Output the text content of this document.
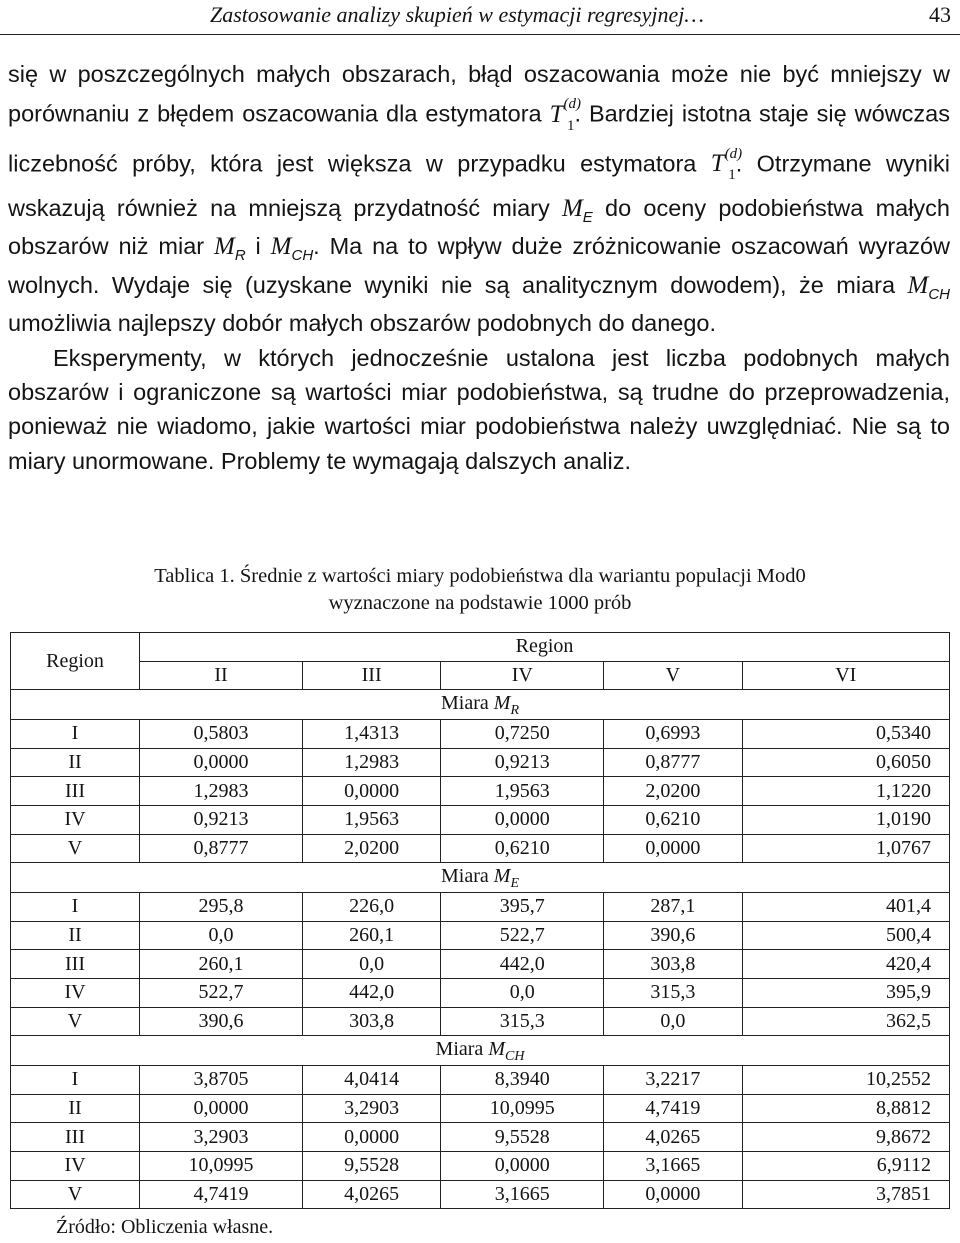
Zastosowanie analizy skupień w estymacji regresyjnej…	43

się w poszczególnych małych obszarach, błąd oszacowania może nie być mniejszy w porównaniu z błędem oszacowania dla estymatora $T^{(d)}_1$. Bardziej istotna staje się wówczas liczebność próby, która jest większa w przypadku estymatora $T^{(d)}_1$. Otrzymane wyniki wskazują również na mniejszą przydatność miary $M_E$ do oceny podobieństwa małych obszarów niż miar $M_R$ i $M_{CH}$. Ma na to wpływ duże zróżnicowanie oszacowań wyrazów wolnych. Wydaje się (uzyskane wyniki nie są analitycznym dowodem), że miara $M_{CH}$ umożliwia najlepszy dobór małych obszarów podobnych do danego.

Eksperymenty, w których jednocześnie ustalona jest liczba podobnych małych obszarów i ograniczone są wartości miar podobieństwa, są trudne do przeprowadzenia, ponieważ nie wiadomo, jakie wartości miar podobieństwa należy uwzględniać. Nie są to miary unormowane. Problemy te wymagają dalszych analiz.

Tablica 1. Średnie z wartości miary podobieństwa dla wariantu populacji Mod0
wyznaczone na podstawie 1000 prób
Region	Region				
	II	III	IV	V	VI
Miara $M_R$
I	0,5803	1,4313	0,7250	0,6993	0,5340
II	0,0000	1,2983	0,9213	0,8777	0,6050
III	1,2983	0,0000	1,9563	2,0200	1,1220
IV	0,9213	1,9563	0,0000	0,6210	1,0190
V	0,8777	2,0200	0,6210	0,0000	1,0767
Miara $M_E$
I	295,8	226,0	395,7	287,1	401,4
II	0,0	260,1	522,7	390,6	500,4
III	260,1	0,0	442,0	303,8	420,4
IV	522,7	442,0	0,0	315,3	395,9
V	390,6	303,8	315,3	0,0	362,5
Miara $M_{CH}$
I	3,8705	4,0414	8,3940	3,2217	10,2552
II	0,0000	3,2903	10,0995	4,7419	8,8812
III	3,2903	0,0000	9,5528	4,0265	9,8672
IV	10,0995	9,5528	0,0000	3,1665	6,9112
V	4,7419	4,0265	3,1665	0,0000	3,7851
Źródło: Obliczenia własne.
